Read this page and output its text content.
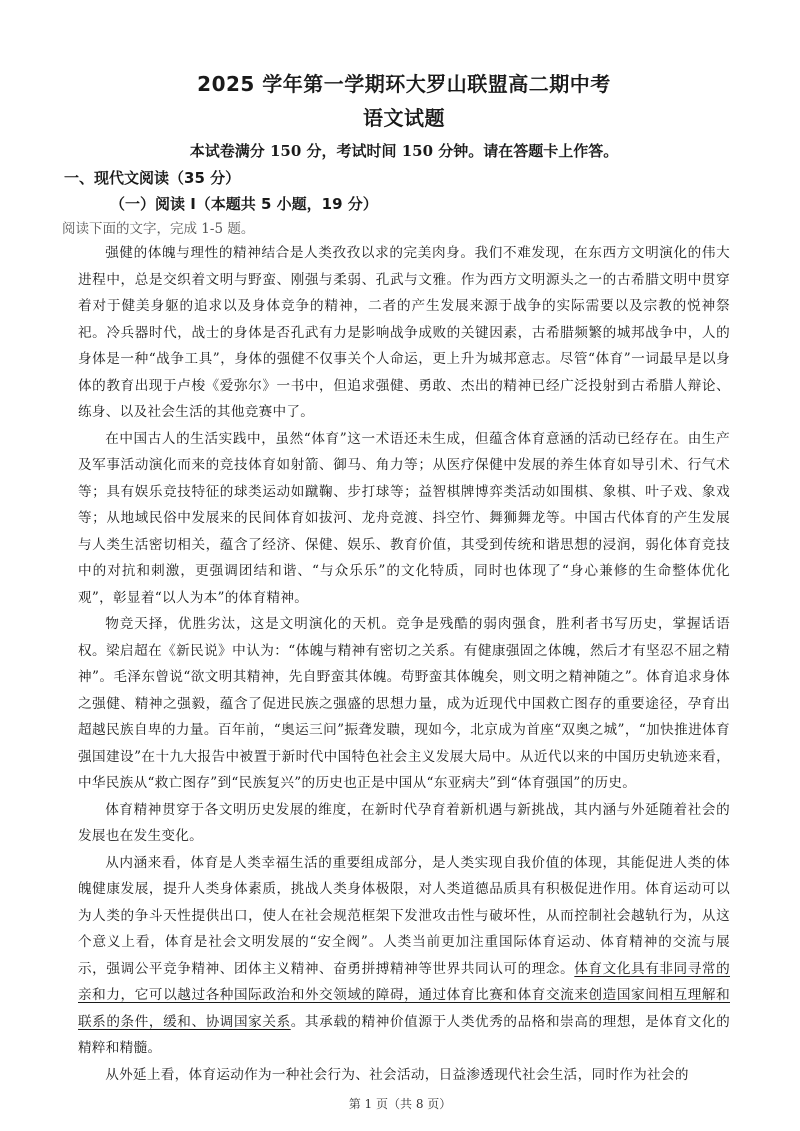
2025 学年第一学期环大罗山联盟高二期中考
语文试题

本试卷满分 150 分，考试时间 150 分钟。请在答题卡上作答。

一、现代文阅读（35 分）
（一）阅读 I（本题共 5 小题，19 分）
阅读下面的文字，完成 1-5 题。

强健的体魄与理性的精神结合是人类孜孜以求的完美肉身。我们不难发现，在东西方文明演化的伟大进程中，总是交织着文明与野蛮、刚强与柔弱、孔武与文雅。作为西方文明源头之一的古希腊文明中贯穿着对于健美身躯的追求以及身体竞争的精神，二者的产生发展来源于战争的实际需要以及宗教的悦神祭祀。冷兵器时代，战士的身体是否孔武有力是影响战争成败的关键因素，古希腊频繁的城邦战争中，人的身体是一种“战争工具”，身体的强健不仅事关个人命运，更上升为城邦意志。尽管“体育”一词最早是以身体的教育出现于卢梭《爱弥尔》一书中，但追求强健、勇敢、杰出的精神已经广泛投射到古希腊人辩论、练身、以及社会生活的其他竞赛中了。

在中国古人的生活实践中，虽然“体育”这一术语还未生成，但蕴含体育意涵的活动已经存在。由生产及军事活动演化而来的竞技体育如射箭、御马、角力等；从医疗保健中发展的养生体育如导引术、行气术等；具有娱乐竞技特征的球类运动如蹴鞠、步打球等；益智棋牌博弈类活动如围棋、象棋、叶子戏、象戏等；从地域民俗中发展来的民间体育如拔河、龙舟竞渡、抖空竹、舞狮舞龙等。中国古代体育的产生发展与人类生活密切相关，蕴含了经济、保健、娱乐、教育价值，其受到传统和谐思想的浸润，弱化体育竞技中的对抗和刺激，更强调团结和谐、“与众乐乐”的文化特质，同时也体现了“身心兼修的生命整体优化观”，彰显着“以人为本”的体育精神。

物竞天择，优胜劣汰，这是文明演化的天机。竞争是残酷的弱肉强食，胜利者书写历史，掌握话语权。梁启超在《新民说》中认为：“体魄与精神有密切之关系。有健康强固之体魄，然后才有坚忍不屈之精神”。毛泽东曾说“欲文明其精神，先自野蛮其体魄。苟野蛮其体魄矣，则文明之精神随之”。体育追求身体之强健、精神之强毅，蕴含了促进民族之强盛的思想力量，成为近现代中国救亡图存的重要途径，孕育出超越民族自卑的力量。百年前，“奥运三问”振聋发聩，现如今，北京成为首座“双奥之城”，“加快推进体育强国建设”在十九大报告中被置于新时代中国特色社会主义发展大局中。从近代以来的中国历史轨迹来看，中华民族从“救亡图存”到“民族复兴”的历史也正是中国从“东亚病夫”到“体育强国”的历史。

体育精神贯穿于各文明历史发展的维度，在新时代孕育着新机遇与新挑战，其内涵与外延随着社会的发展也在发生变化。

从内涵来看，体育是人类幸福生活的重要组成部分，是人类实现自我价值的体现，其能促进人类的体魄健康发展，提升人类身体素质，挑战人类身体极限，对人类道德品质具有积极促进作用。体育运动可以为人类的争斗天性提供出口，使人在社会规范框架下发泄攻击性与破坏性，从而控制社会越轨行为，从这个意义上看，体育是社会文明发展的“安全阀”。人类当前更加注重国际体育运动、体育精神的交流与展示，强调公平竞争精神、团体主义精神、奋勇拼搏精神等世界共同认可的理念。体育文化具有非同寻常的亲和力，它可以越过各种国际政治和外交领域的障碍，通过体育比赛和体育交流来创造国家间相互理解和联系的条件，缓和、协调国家关系。其承载的精神价值源于人类优秀的品格和崇高的理想，是体育文化的精粹和精髓。

从外延上看，体育运动作为一种社会行为、社会活动，日益渗透现代社会生活，同时作为社会的

第 1 页（共 8 页）
